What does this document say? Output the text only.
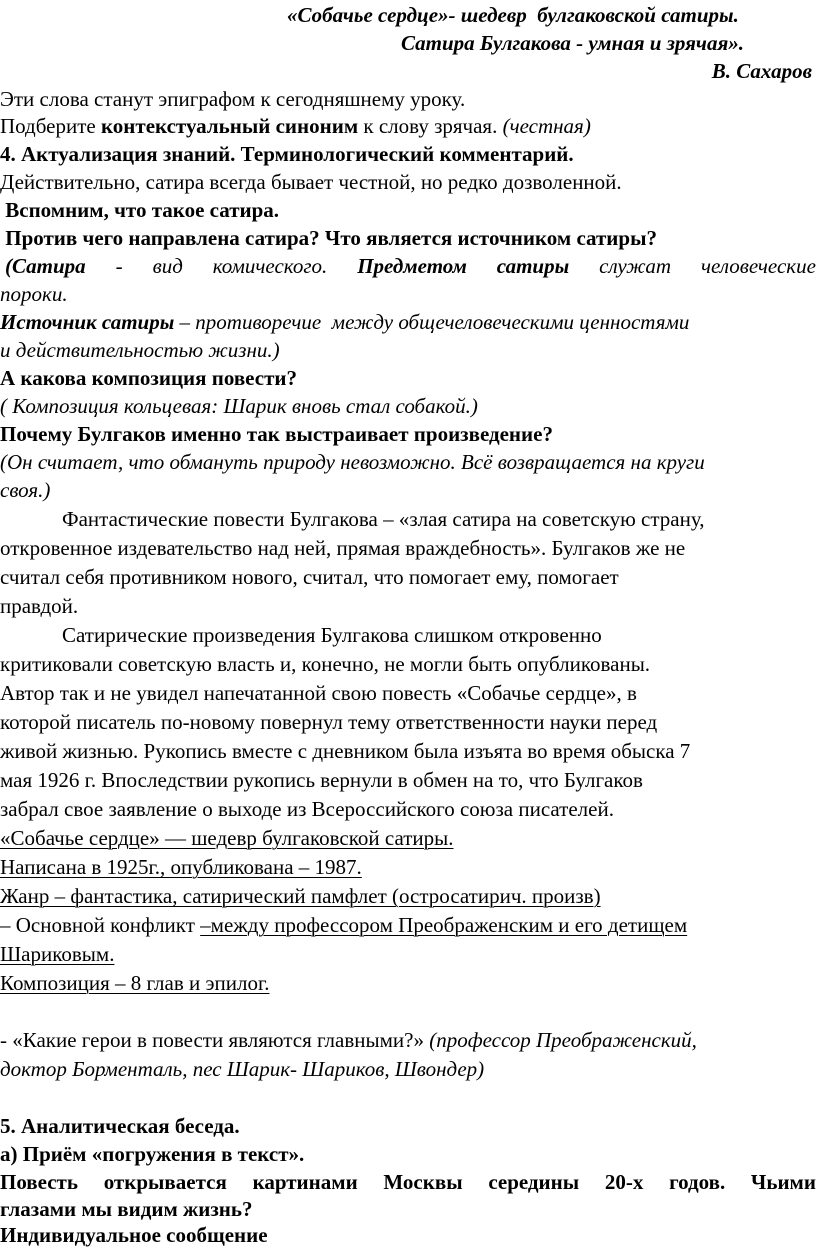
«Собачье сердце»- шедевр  булгаковской сатиры.
Сатира Булгакова - умная и зрячая».
В. Сахаров
Эти слова станут эпиграфом к сегодняшнему уроку.
Подберите контекстуальный синоним к слову зрячая. (честная)
4. Актуализация знаний. Терминологический комментарий.
Действительно, сатира всегда бывает честной, но редко дозволенной.
Вспомним, что такое сатира.
Против чего направлена сатира? Что является источником сатиры?
(Сатира - вид комического. Предметом сатиры служат человеческие
пороки.
Источник сатиры – противоречие  между общечеловеческими ценностями
и действительностью жизни.)
А какова композиция повести?
( Композиция кольцевая: Шарик вновь стал собакой.)
Почему Булгаков именно так выстраивает произведение?
(Он считает, что обмануть природу невозможно. Всё возвращается на круги
своя.)
Фантастические повести Булгакова – «злая сатира на советскую страну,
откровенное издевательство над ней, прямая враждебность». Булгаков же не
считал себя противником нового, считал, что помогает ему, помогает
правдой.
Сатирические произведения Булгакова слишком откровенно
критиковали советскую власть и, конечно, не могли быть опубликованы.
Автор так и не увидел напечатанной свою повесть «Собачье сердце», в
которой писатель по-новому повернул тему ответственности науки перед
живой жизнью. Рукопись вместе с дневником была изъята во время обыска 7
мая 1926 г. Впоследствии рукопись вернули в обмен на то, что Булгаков
забрал свое заявление о выходе из Всероссийского союза писателей.
«Собачье сердце» — шедевр булгаковской сатиры.
Написана в 1925г., опубликована – 1987.
Жанр – фантастика, сатирический памфлет (остросатирич. произв)
– Основной конфликт –между профессором Преображенским и его детищем
Шариковым.
Композиция – 8 глав и эпилог.
- «Какие герои в повести являются главными?» (профессор Преображенский,
доктор Борменталь, пес Шарик- Шариков, Швондер)
5. Аналитическая беседа.
а) Приём «погружения в текст».
Повесть открывается картинами Москвы середины 20-х годов. Чьими
глазами мы видим жизнь?
Индивидуальное сообщение
